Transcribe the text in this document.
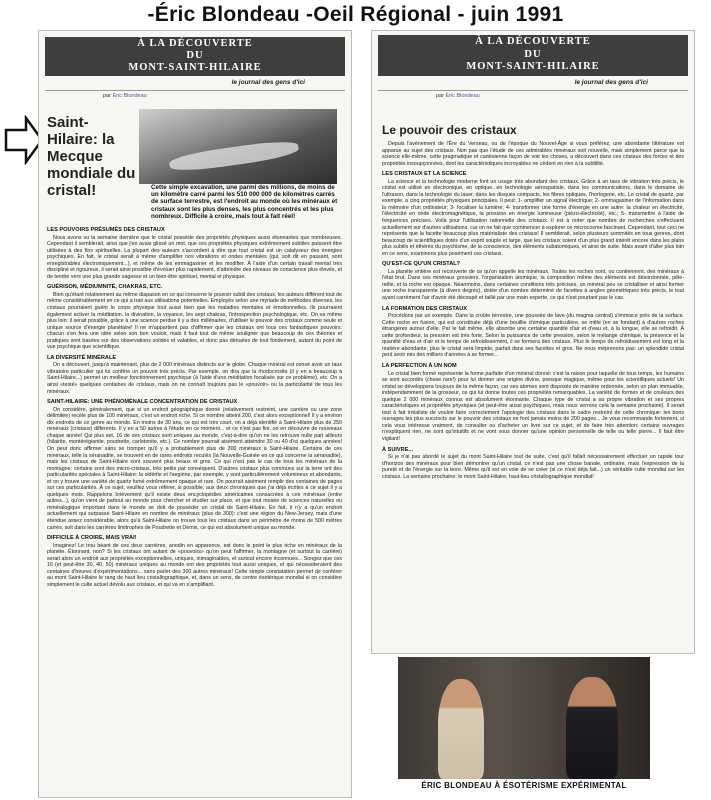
-Éric Blondeau -Oeil Régional - juin 1991
À LA DÉCOUVERTE
DU
MONT-SAINT-HILAIRE
le journal des gens d'ici
par Éric Blondeau
Saint-Hilaire: la Mecque mondiale du cristal!	Cette simple excavation, une parmi des millions, de moins de un kilomètre carré parmi les 510 000 000 de kilomètres carrés de surface terrestre, est l'endroit au monde où les minéraux et cristaux sont les plus denses, les plus concentrés et les plus nombreux. Difficile à croire, mais tout à fait réel!
LES POUVOIRS PRÉSUMÉS DES CRISTAUX

Nous avons vu la semaine dernière que le cristal possède des propriétés physiques aussi étonnantes que nombreuses. Cependant il semblerait, ainsi que j'en avais glissé un mot, que ces propriétés physiques extrêmement subtiles puissent être utilisées à des fins spirituelles. La plupart des auteurs s'accordent à dire que tout cristal est un catalyseur des énergies psychiques. En fait, le cristal serait à même d'amplifier nos vibrations et ondes mentales (qui, soit dit en passant, sont enregistrables électroniquement...), et même de les emmagasiner et les modifier. À l'aide d'un certain travail mental très discipliné et rigoureux, il serait ainsi possible d'évoluer plus rapidement, d'atteindre des niveaux de conscience plus élevés, et de tendre vers une plus grande sagesse et un bien-être spirituel, mental et physique.

GUÉRISON, MÉDIUMNITÉ, CHAKRAS, ETC.

Bien qu'étant relativement au même diapason en ce qui concerne le pouvoir subtil des cristaux, les auteurs diffèrent tout de même considérablement en ce qui a trait aux utilisations potentielles. Employés selon une myriade de méthodes diverses, les cristaux pourraient guérir le corps physique tout aussi bien que les maladies mentales et émotionnelles. Ils pourraient également activer la méditation, la divination, la voyance, les sept chakras, l'introspection psychologique, etc. On va même plus loin: il serait possible, grâce à une science perdue il y a des millénaires, d'utiliser le pouvoir des cristaux comme seule et unique source d'énergie planétaire! Il ne m'appartient pas d'affirmer que les cristaux ont tous ces fantastiques pouvoirs: chacun s'en fera une idée selon son bon vouloir, mais il faut tout de même souligner que beaucoup de ces théories et pratiques sont basées sur des observations solides et valables, et donc pas dénuées de tout fondement, autant du point de vue psychique que scientifique.

LA DIVERSITÉ MINÉRALE

On a découvert, jusqu'à maintenant, plus de 2 000 minéraux distincts sur le globe. Chaque minéral est censé avoir un taux vibratoire particulier qui lui confère un pouvoir très précis. Par exemple, on dira que la rhodocrosite (il y en a beaucoup à Saint-Hilaire...) permet un meilleur fonctionnement psychique (à l'aide d'une méditation focalisée sur ce problème), etc. On a ainsi «testé» quelques centaines de cristaux, mais on ne connaît toujours pas le «pouvoir» ou la particularité de tous les minéraux.

SAINT-HILAIRE: UNE PHÉNOMÉNALE CONCENTRATION DE CRISTAUX

On considère, généralement, que si un endroit géographique donné (relativement restreint, une carrière ou une zone délimitée) recèle plus de 100 minéraux, c'est un endroit riche. Si ce nombre atteint 200, c'est alors exceptionnel! Il y a environ dix endroits de ce genre au monde. En moins de 30 ans, ce qui est très court, on a déjà identifié à Saint-Hilaire plus de 250 minéraux (cristaux) différents. Il y en a 50 autres à l'étude en ce moment... et ce n'est pas fini, on en découvre de nouveaux chaque année! Qui plus est, 16 de ces cristaux sont uniques au monde, c'est-à-dire qu'on ne les retrouve nulle part ailleurs (hilairite, montérégianite, poudrette, carletonite, etc.). Ce nombre pourrait aisément atteindre 30 ou 40 d'ici quelques années! On peut donc affirmer sans se tromper qu'il y a probablement plus de 300 minéraux à Saint-Hilaire. Certains de ces minéraux, telle la séranadite, se trouvent en de rares endroits reculés (la Nouvelle-Guinée en ce qui concerne la séranadite), mais les cristaux de Saint-Hilaire sont souvent plus beaux et gros. Ce qui n'est pas le cas de tous les minéraux de la montagne: certains sont des micro-cristaux, très petits par conséquent. D'autres cristaux plus communs sur la terre ont des particularités spéciales à Saint-Hilaire: la sidérite et l'aegirine, par exemple, y sont particulièrement volumineux et abondants, et on y trouve une variété de quartz fumé extrêmement opaque et rare. On pourrait aisément remplir des centaines de pages sur ces particularités. À ce sujet, veuillez vous référer, si possible, aux deux chroniques que j'ai déjà écrites à ce sujet il y a quelques mois. Rappelons brièvement qu'il existe deux encyclopédies américaines consacrées à ces minéraux (entre autres...), qu'on vient de partout au monde pour chercher et étudier sur place, et que tout musée de sciences naturelles ou minéralogique important dans le monde se doit de posséder un cristal de Saint-Hilaire. En fait, il n'y a qu'un endroit actuellement qui surpasse Saint-Hilaire en nombre de minéraux (plus de 300): c'est une région du New-Jersey, mais d'une étendue assez considérable, alors qu'à Saint-Hilaire on trouve tous les cristaux dans un périmètre de moins de 500 mètres carrés, soit dans les carrières limitrophes de Poudrette et Demix, ce qui est absolument unique au monde.

DIFFICILE À CROIRE, MAIS VRAI!

Imaginez! Le trou béant de ces deux carrières, anodin en apparence, est donc le point le plus riche en minéraux de la planète. Étonnant, non? Si les cristaux ont autant de «pouvoirs» qu'on peut l'affirmer, la montagne (et surtout la carrière) serait alors un endroit aux propriétés exceptionnelles, uniques, inimaginables, et surtout encore inconnues... Songez que ces 16 (et peut-être 30, 40, 50) minéraux uniques au monde ont des propriétés tout aussi uniques, et qui nécessiteraient des centaines d'heures d'expérimentations... sans parler des 300 autres minéraux! Cette simple constatation permet de conférer au mont Saint-Hilaire le rang de haut lieu cristallographique, et, dans un sens, de centre ésotérique mondial si on considère simplement le culte actuel dévolu aux cristaux, et qui va en s'amplifiant.

À LA DÉCOUVERTE
DU
MONT-SAINT-HILAIRE
le journal des gens d'ici
par Éric Blondeau
Le pouvoir des cristaux

Depuis l'avènement de l'Ère du Verseau, ou de l'époque du Nouvel-Âge si vous préférez, une abondante littérature est apparue au sujet des cristaux. Non pas que l'étude de ces admirables minéraux soit nouvelle, mais simplement parce que la science elle-même, cette pragmatique et cartésienne façon de voir les choses, a découvert dans ces cristaux des forces et des propriétés insoupçonnées, dont les caractéristiques incroyables ne cèdent en rien à la subtilité.

LES CRISTAUX ET LA SCIENCE

La science et la technologie moderne font un usage très abondant des cristaux. Grâce à un taux de vibration très précis, le cristal est utilisé en électronique, en optique, en technologie aérospatiale, dans les communications, dans le domaine de l'ultrason, dans la technologie du laser, dans les disques compacts, les fibres optiques, l'horlogerie, etc. Le cristal de quartz, par exemple, a cinq propriétés physiques principales. Il peut: 1- amplifier un signal électrique; 2- emmagasiner de l'information dans la mémoire d'un ordinateur; 3- focaliser la lumière; 4- transformer une forme d'énergie en une autre: la chaleur en électricité, l'électricité en onde électromagnétique, la pression en énergie lumineuse (piézo-électricité), etc.; 5- transmettre à l'aide de fréquences précises. Voilà pour l'utilisation rationnelle des cristaux. Il est à noter que nombre de recherches s'effectuent actuellement sur d'autres utilisations, car on ne fait que commencer à explorer ce microcosme fascinant. Cependant, tout ceci ne représente que la facette beaucoup plus matérialiste des cristaux! Il semblerait, selon plusieurs sommités en tous genres, dont beaucoup de scientifiques dotés d'un esprit souple et large, que les cristaux soient d'un plus grand intérêt encore dans les plans plus subtils et éthérés du psychisme, de la conscience, des éléments subatomiques, et ainsi de suite. Mais avant d'aller plus loin en ce sens, examinons plus posément ces cristaux.

QU'EST-CE QU'UN CRISTAL?

La planète entière est recouverte de ce qu'on appelle les minéraux. Toutes les roches sont, ou contiennent, des minéraux à l'état brut. Dans ces minéraux grossiers, l'organisation atomique, la composition même des éléments est désordonnée, pêle-mêle, et la roche est opaque. Néanmoins, dans certaines conditions très précises, un minéral peu se cristalliser et ainsi former une roche transparente (à divers degrés), dotée d'un nombre déterminé de facettes à angles géométriques très précis, le tout ayant carrément l'air d'avoir été découpé et taillé par une main experte, ce qui n'est pourtant pas le cas.

LA FORMATION DES CRISTAUX

Procédons par un exemple. Dans la croûte terrestre, une poussée de lave (du magma central) s'immisce près de la surface. Cette roche en fusion, qui est constituée déjà d'une bouillie chimique particulière, se mêle (en se fondant) à d'autres roches étrangères autour d'elle. Par le fait même, elle absorbe une certaine quantité d'air et d'eau et, à la longue, elle se refroidit. À cette profondeur, la pression est très forte. Selon la puissance de cette pression, selon le mélange chimique, la présence et la quantité d'eau et d'air et le temps de refroidissement, il se formera des cristaux. Plus le temps de refroidissement est long et la matière abondante, plus le cristal sera limpide, parfait dans ses facettes et gros. Ne nous méprenons pas: un splendide cristal peut avoir mis des milliers d'années à se former...

LA PERFECTION À UN NOM

Le cristal bien formé représente la forme parfaite d'un minéral donné: c'est la raison pour laquelle de tous temps, les humains se sont accordés (chose rare!) pour lui donner une origine divine, presque magique, même pour les scientifiques actuels! Un cristal se développera toujours de la même façon, car ses atomes sont disposés de manière ordonnée, selon un plan immuable, indépendamment de la grosseur, ce qui lui donne toutes ces propriétés remarquables. La variété de formes et de couleurs des quelque 2 000 minéraux connus est absolument étonnante. Chaque type de cristal a sa propre vibration et ses propres caractéristiques et propriétés physiques (et peut-être aussi psychiques, mais nous verrons cela la semaine prochaine). Il serait tout à fait irréaliste de vouloir faire correctement l'apologie des cristaux dans le cadre restreint de cette chronique: les bons ouvrages les plus succincts sur le pouvoir des cristaux ne font jamais moins de 200 pages... Je vous recommande fortement, si cela vous intéresse vraiment, de consulter ou d'acheter un livre sur ce sujet, et de faire très attention: certains ouvrages n'expliquent rien, ne sont qu'intuitifs et ne vont vous donner qu'une opinion personnelle de telle ou telle pierre... Il faut être vigilant!

À SUIVRE...

Si je n'ai pas abordé le sujet du mont Saint-Hilaire tout de suite, c'est qu'il fallait nécessairement effectuer un rapide tour d'horizon des minéraux pour bien démontrer qu'un cristal, ce n'est pas une chose banale, ordinaire, mais l'expression de la pureté et de l'énergie sur la terre. Même qu'il est en voie de se créer (si ce n'est déjà fait...) un véritable culte mondial sur les cristaux. La semaine prochaine: le mont Saint-Hilaire, haut-lieu cristallographique mondial!

ÉRIC BLONDEAU À ÉSOTÉRISME EXPÉRIMENTAL
